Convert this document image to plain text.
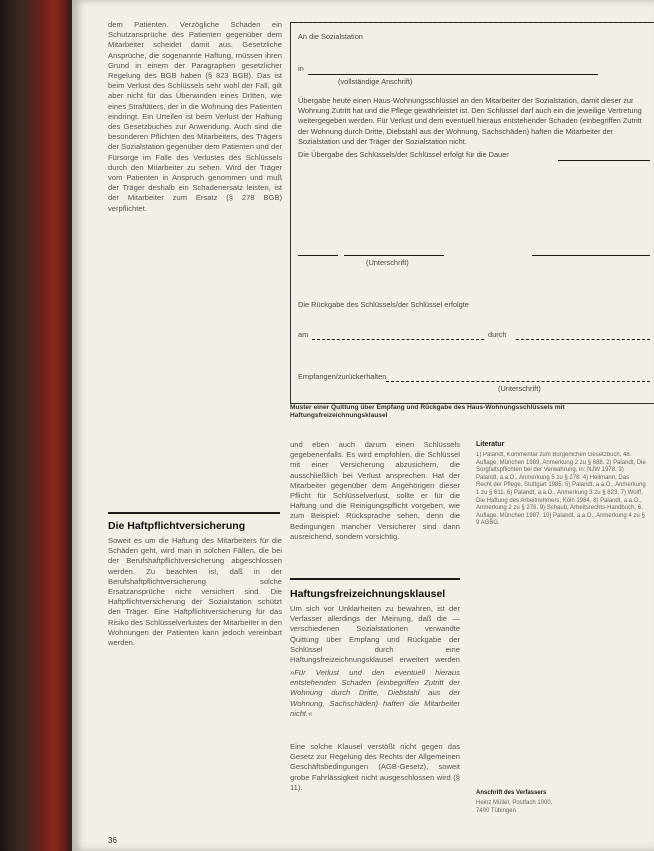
dem Patienten. Verzögliche Schaden ein Schutzansprüche des Patienten gegenüber dem Mitarbeiter scheidet damit aus. Gesetzliche Ansprüche, die sogenannte Haftung, müssen ihren Grund in einem der Paragraphen gesetzlicher Regelung des BGB haben (§ 823 BGB). Das ist beim Verlust des Schlüssels sehr wohl der Fall, gilt aber nicht für das Überwinden eines Dritten, wie eines Straftäters, der in die Wohnung des Patienten eindringt. Ein Urteilen ist beim Verlust der Haftung des Gesetzbuches zur Anwendung. Auch sind die besonderen Pflichten des Mitarbeiters, des Trägers der Sozialstation gegenüber dem Patienten und der Fürsorge im Falle des Verlustes des Schlüssels durch den Mitarbeiter zu sehen. Wird der Träger vom Patienten in Anspruch genommen und muß der Träger deshalb ein Schadenersatz leisten, ist der Mitarbeiter zum Ersatz (§ 278 BGB) verpflichtet.
Die Haftpflichtversicherung
Soweit es um die Haftung des Mitarbeiters für die Schäden geht, wird man in solchen Fällen, die bei der Berufshaftpflichtversicherung abgeschlossen werden. Zu beachten ist, daß in der Berufshaftpflichtversicherung solche Ersatzansprüche nicht versichert sind. Die Haftpflichtversicherung der Sozialstation schützt den Träger. Eine Haftpflichtversicherung für das Risiko des Schlüsselverlustes der Mitarbeiter in den Wohnungen der Patienten kann jedoch vereinbart werden.
36
An die Sozialstation
in
(vollständige Anschrift)
Übergabe heute einen Haus-Wohnungsschlüssel an den Mitarbeiter der Sozialstation, damit dieser zur Wohnung Zutritt hat und die Pflege gewährleistet ist. Den Schlüssel darf auch ein die jeweilige Vertretung weitergegeben werden. Für Verlust und dem eventuell hieraus entstehender Schaden (einbegriffen Zutritt der Wohnung durch Dritte, Diebstahl aus der Wohnung, Sachschäden) haften die Mitarbeiter der Sozialstation und der Träger der Sozialstation nicht.
Die Übergabe des Schlüssels/der Schlüssel erfolgt für die Dauer
(Unterschrift)
Die Rückgabe des Schlüssels/der Schlüssel erfolgte
am	durch
Empfangen/zurückerhalten
(Unterschrift)
Muster einer Quittung über Empfang und Rückgabe des Haus-Wohnungsschlüssels mit Haftungsfreizeichnungsklausel
und eben auch darum einen Schlüssels gegebenenfalls. Es wird empfohlen, die Schlüssel mit einer Versicherung abzusichern, die ausschließlich bei Verlust ansprechen. Hat der Mitarbeiter gegenüber dem Angehörigen dieser Pflicht für Schlüsselverlust, sollte er für die Haftung und die Reinigungspflicht vorgeben, wie zum Beispiel: Rücksprache sehen, denn die Bedingungen mancher Versicherer sind dann ausreichend, sondern vorsichtig.
Haftungsfreizeichnungsklausel
Um sich vor Unklarheiten zu bewahren, ist der Verfasser allerdings der Meinung, daß die — verschiedenen Sozialstationen verwandte Quittung über Empfang und Rückgabe der Schlüssel durch eine Haftungsfreizeichnungsklausel erweitert werden
»Für Verlust und den eventuell hieraus entstehenden Schaden (einbegriffen Zutritt der Wohnung durch Dritte, Diebstahl aus der Wohnung, Sachschäden) haften die Mitarbeiter nicht.«
Eine solche Klausel verstößt nicht gegen das Gesetz zur Regelung des Rechts der Allgemeinen Geschäftsbedingungen (AGB-Gesetz), soweit grobe Fahrlässigkeit nicht ausgeschlossen wird (§ 11).
Literatur
1) Palandt, Kommentar zum Bürgerlichen Gesetzbuch, 48. Auflage, München 1989, Anmerkung 2 zu § 688. 2) Palandt, Die Sorgfaltspflichten bei der Verwahrung, in: NJW 1978. 3) Palandt, a.a.O., Anmerkung 5 zu § 278. 4) Heilmann, Das Recht der Pflege, Stuttgart 1985. 5) Palandt, a.a.O., Anmerkung 1 zu § 611. 6) Palandt, a.a.O., Anmerkung 3 zu § 823. 7) Wolff, Die Haftung des Arbeitnehmers, Köln 1984. 8) Palandt, a.a.O., Anmerkung 2 zu § 276. 9) Schaub, Arbeitsrechts-Handbuch, 6. Auflage, München 1987. 10) Palandt, a.a.O., Anmerkung 4 zu § 9 AGBG.
Anschrift des Verfassers
Heinz Müller, Postfach 1000, 7400 Tübingen
